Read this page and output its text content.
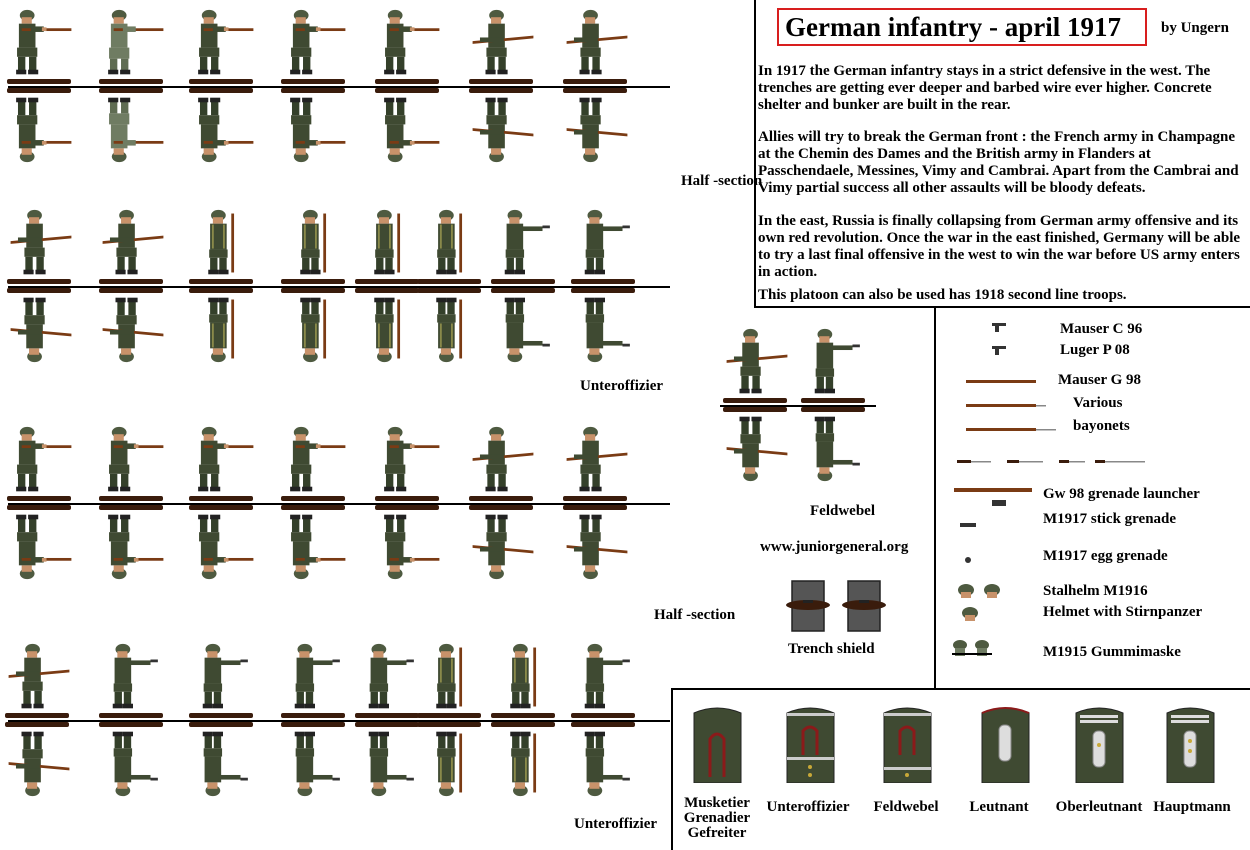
German infantry - april 1917	by Ungern
In 1917 the German infantry stays in a strict defensive in the west. The trenches are getting ever deeper and barbed wire ever higher. Concrete shelter and bunker are built in the rear.
Allies will try to break the German front : the French army in Champagne at the Chemin des Dames and the British army in Flanders at Passchendaele, Messines, Vimy and Cambrai. Apart from the Cambrai and Vimy partial success all other assaults will be bloody defeats.
In the east, Russia is finally collapsing from German army offensive and its own red revolution. Once the war in the east finished, Germany will be able to try a last final offensive in the west to win the war before US army enters in action.
This platoon can also be used has 1918 second line troops.
Half -section
Unteroffizier
Feldwebel
www.juniorgeneral.org
Half -section
Trench shield
Unteroffizier
Mauser C 96
Luger P 08
Mauser G 98
Various
bayonets
Gw 98 grenade launcher
M1917 stick grenade
M1917 egg grenade
Stalhelm M1916
Helmet with Stirnpanzer
M1915 Gummimaske
Musketier
Grenadier
Gefreiter
Unteroffizier	Feldwebel	Leutnant	Oberleutnant Hauptmann
